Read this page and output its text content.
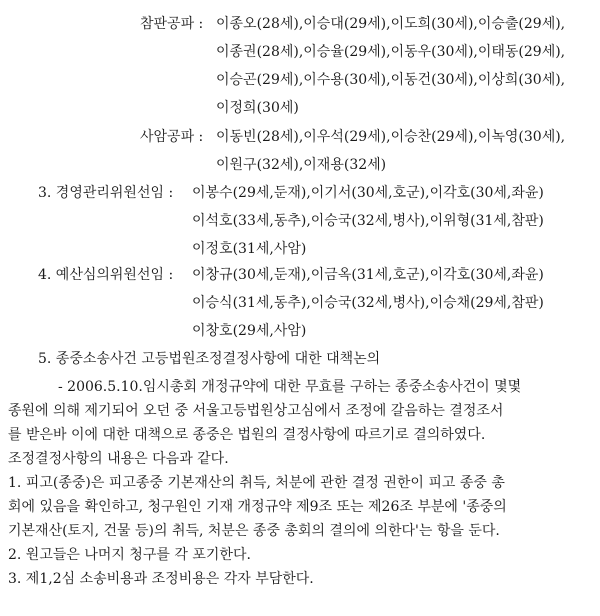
참판공파 : 이종오(28세),이승대(29세),이도희(30세),이승출(29세),
이종권(28세),이승율(29세),이동우(30세),이태동(29세),
이승곤(29세),이수용(30세),이동건(30세),이상희(30세),
이정희(30세)
사암공파 : 이동빈(28세),이우석(29세),이승찬(29세),이녹영(30세),
이원구(32세),이재용(32세)
3. 경영관리위원선임 : 이봉수(29세,둔재),이기서(30세,호군),이각호(30세,좌윤)
이석호(33세,동추),이승국(32세,병사),이위형(31세,참판)
이정호(31세,사암)
4. 예산심의위원선임 : 이창규(30세,둔재),이금옥(31세,호군),이각호(30세,좌윤)
이승식(31세,동추),이승국(32세,병사),이승채(29세,참판)
이창호(29세,사암)
5. 종중소송사건 고등법원조정결정사항에 대한 대책논의
- 2006.5.10.임시총회 개정규약에 대한 무효를 구하는 종중소송사건이 몇몇
종원에 의해 제기되어 오던 중 서울고등법원상고심에서 조정에 갈음하는 결정조서
를 받은바 이에 대한 대책으로 종중은 법원의 결정사항에 따르기로 결의하였다.
조정결정사항의 내용은 다음과 같다.
1. 피고(종중)은 피고종중 기본재산의 취득, 처분에 관한 결정 권한이 피고 종중 총
회에 있음을 확인하고, 청구원인 기재 개정규약 제9조 또는 제26조 부분에 '종중의
기본재산(토지, 건물 등)의 취득, 처분은 종중 총회의 결의에 의한다'는 항을 둔다.
2. 원고들은 나머지 청구를 각 포기한다.
3. 제1,2심 소송비용과 조정비용은 각자 부담한다.
